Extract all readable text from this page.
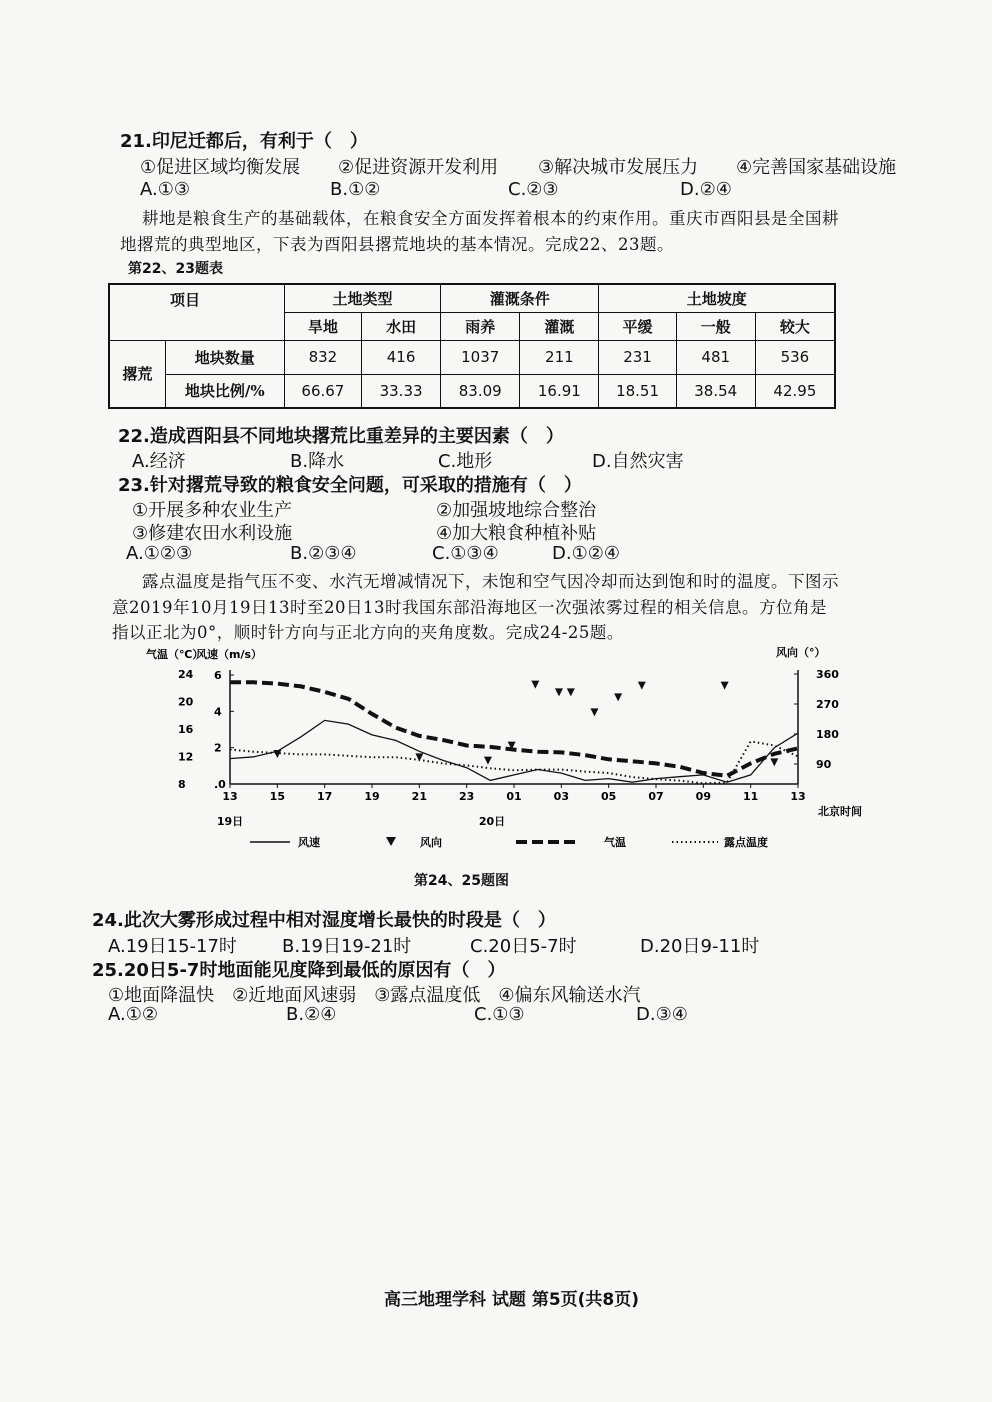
21.印尼迁都后，有利于（　）
①促进区域均衡发展 ②促进资源开发利用 ③解决城市发展压力 ④完善国家基础设施
A.①③	B.①②	C.②③	D.②④
耕地是粮食生产的基础载体，在粮食安全方面发挥着根本的约束作用。重庆市酉阳县是全国耕
地撂荒的典型地区，下表为酉阳县撂荒地块的基本情况。完成22、23题。
第22、23题表
项目		土地类型		灌溉条件		土地坡度		
		旱地	水田	雨养	灌溉	平缓	一般	较大
撂荒	地块数量	832	416	1037	211	231	481	536
	地块比例/%	66.67	33.33	83.09	16.91	18.51	38.54	42.95
22.造成酉阳县不同地块撂荒比重差异的主要因素（　）
A.经济	B.降水	C.地形	D.自然灾害
23.针对撂荒导致的粮食安全问题，可采取的措施有（　）
①开展多种农业生产	②加强坡地综合整治
③修建农田水利设施	④加大粮食种植补贴
A.①②③	B.②③④	C.①③④	D.①②④
露点温度是指气压不变、水汽无增减情况下，未饱和空气因冷却而达到饱和时的温度。下图示
意2019年10月19日13时至20日13时我国东部沿海地区一次强浓雾过程的相关信息。方位角是
指以正北为0°，顺时针方向与正北方向的夹角度数。完成24-25题。
气温（℃）
风速（m/s）	风向（°）
北京时间
24
20
16
12
8
6
4
2
.0
360
270
180
90
13	15	17	19	21	23	01	03	05	07	09	11	13
19日	20日
风速	风向	气温	露点温度
第24、25题图
24.此次大雾形成过程中相对湿度增长最快的时段是（　）
A.19日15-17时	B.19日19-21时	C.20日5-7时	D.20日9-11时
25.20日5-7时地面能见度降到最低的原因有（　）
①地面降温快　②近地面风速弱　③露点温度低　④偏东风输送水汽
A.①②	B.②④	C.①③	D.③④
高三地理学科 试题 第5页(共8页)
